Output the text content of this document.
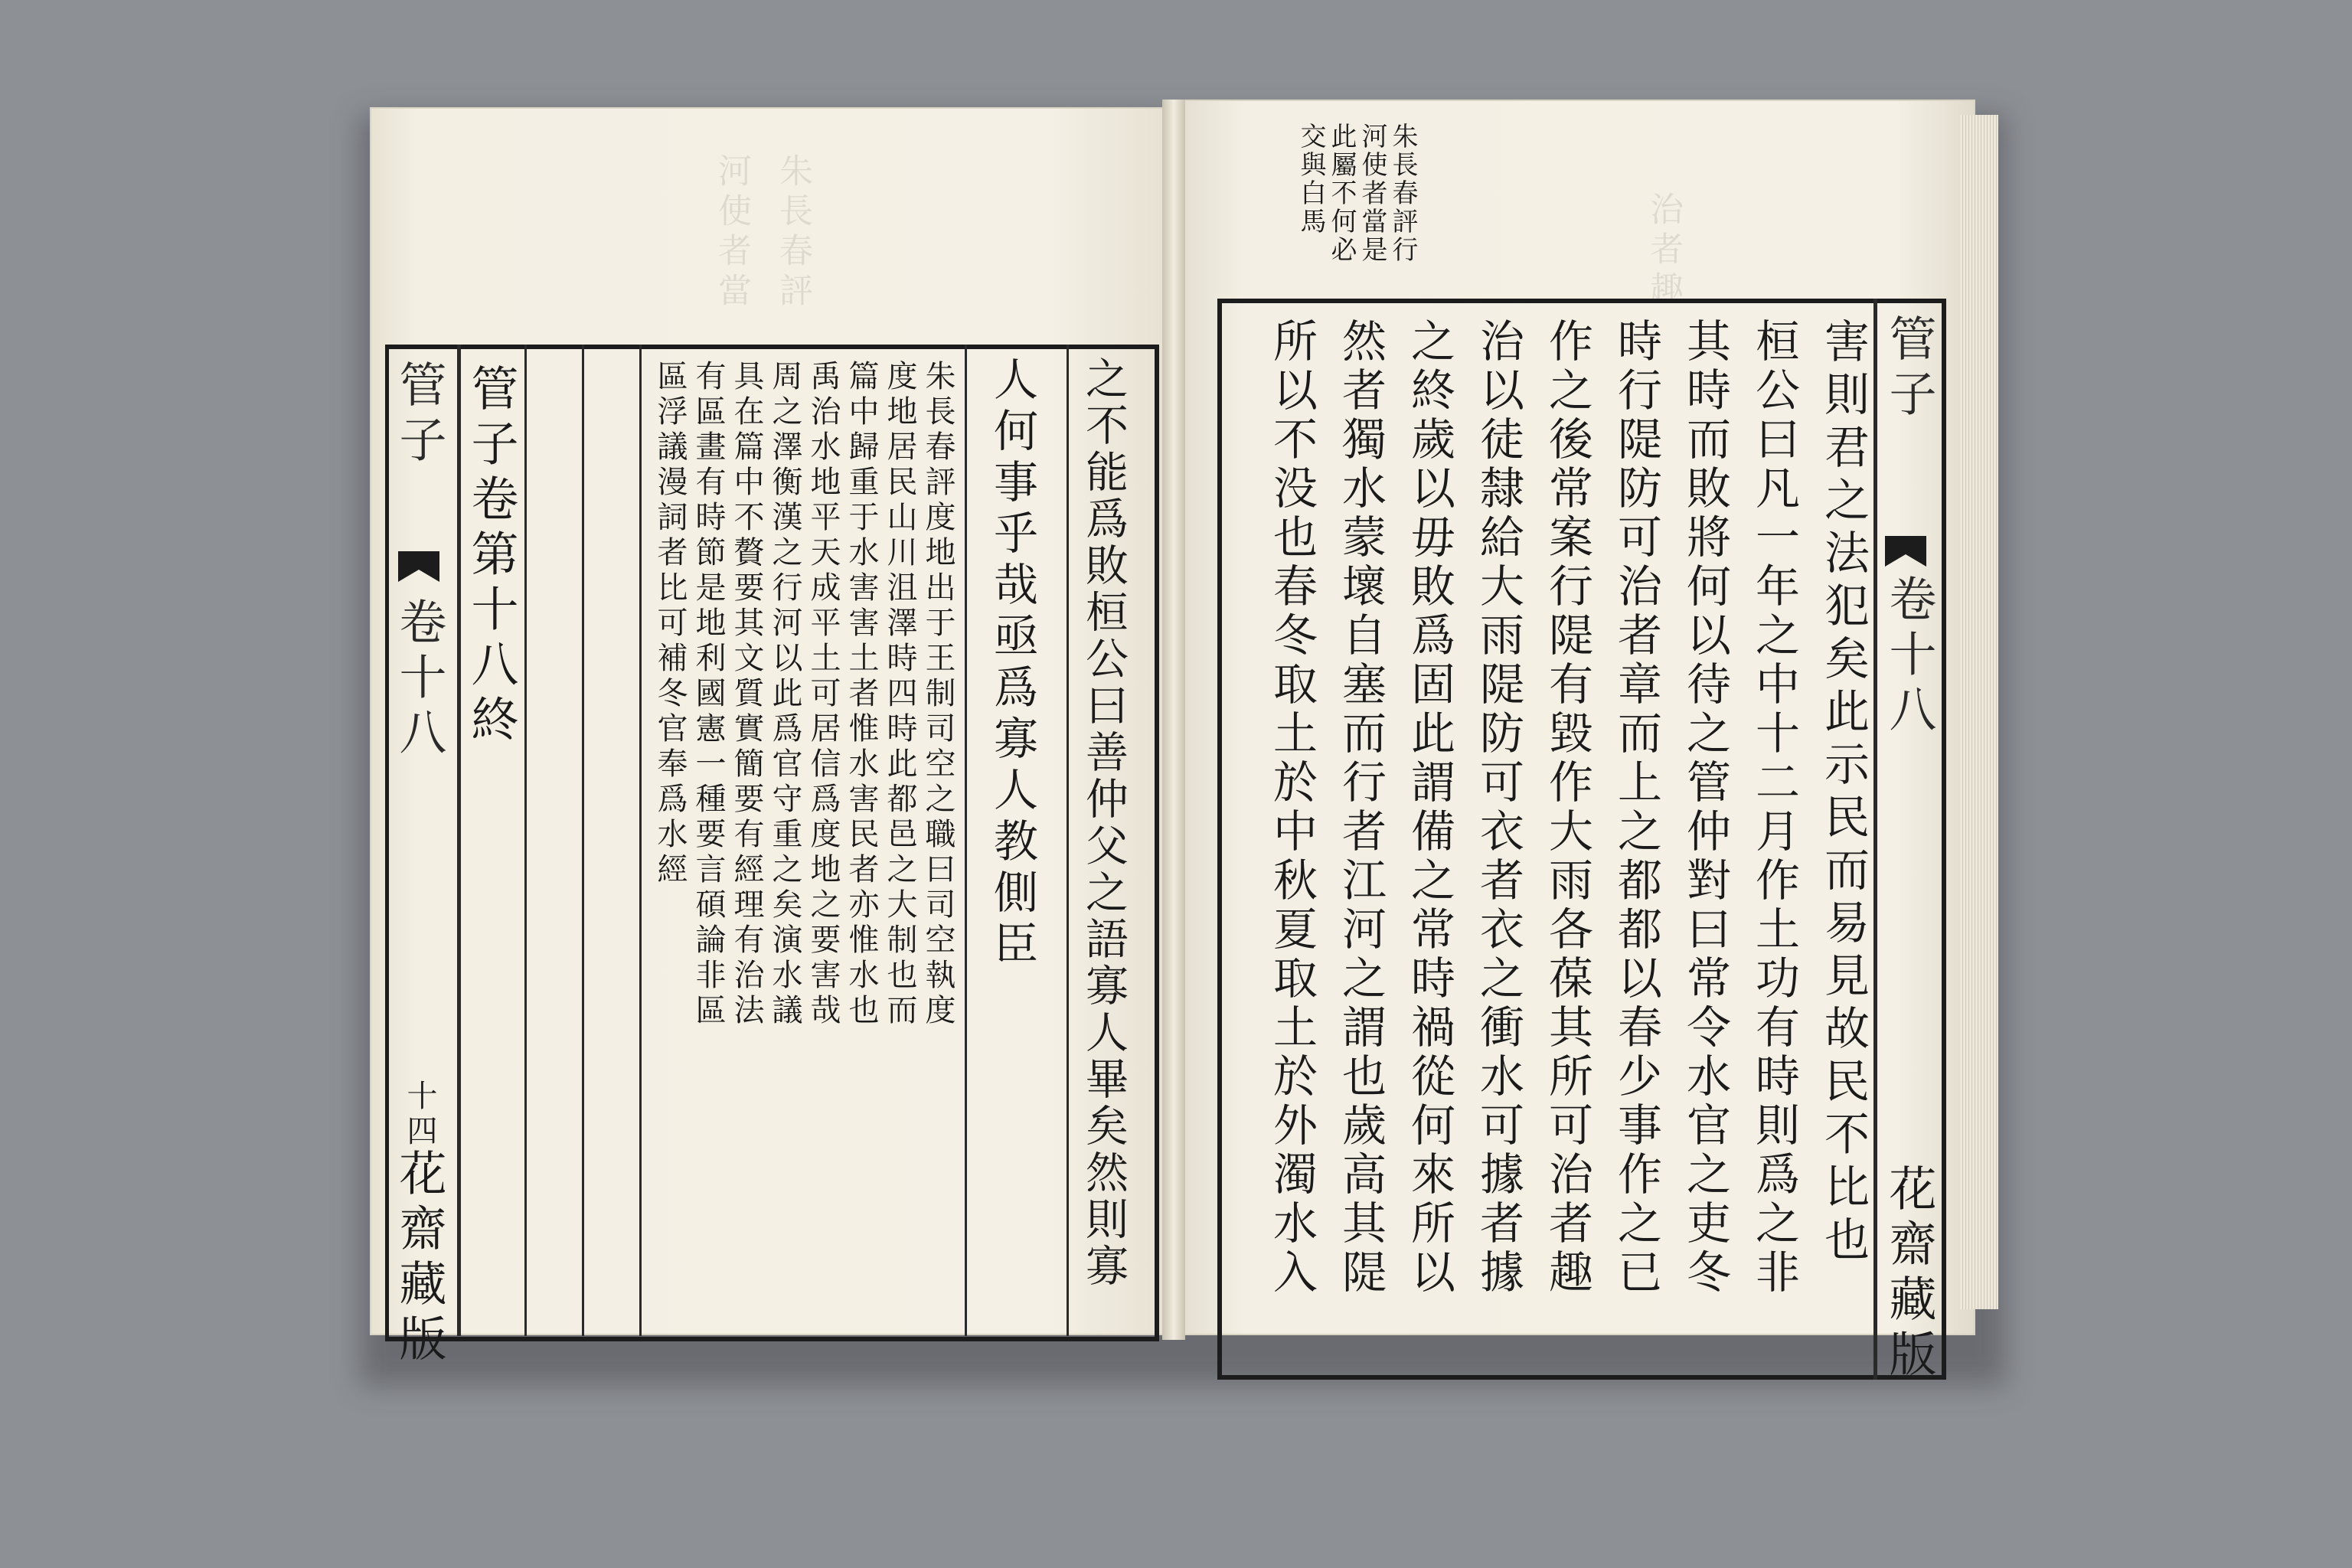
朱長春評
河使者當	治者趣
管子
卷十八
十四
花齋藏版
管子卷第十八終	朱長春評度地出于王制司空之職曰司空執度
度地居民山川沮澤時四時此都邑之大制也而
篇中歸重于水害害土者惟水害民者亦惟水也
禹治水地平天成平土可居信爲度地之要害哉
周之澤衡漢之行河以此爲官守重之矣演水議
具在篇中不贅要其文質實簡要有經理有治法
有區畫有時節是地利國憲一種要言碩論非區
區浮議漫詞者比可補冬官奉爲水經	之不能爲敗桓公曰善仲父之語寡人畢矣然則寡
人何事乎哉亟爲寡人教側臣
朱長春評行
河使者當是
此屬不何必
交與白馬
害則君之法犯矣此示民而易見故民不比也
桓公曰凡一年之中十二月作土功有時則爲之非
其時而敗將何以待之管仲對曰常令水官之吏冬
時行隄防可治者章而上之都都以春少事作之已
作之後常案行隄有毀作大雨各葆其所可治者趣
治以徒隸給大雨隄防可衣者衣之衝水可據者據
之終歲以毋敗爲固此謂備之常時禍從何來所以
然者獨水蒙壞自塞而行者江河之謂也歲高其隄
所以不没也春冬取土於中秋夏取土於外濁水入	管子
卷十八
花齋藏版
